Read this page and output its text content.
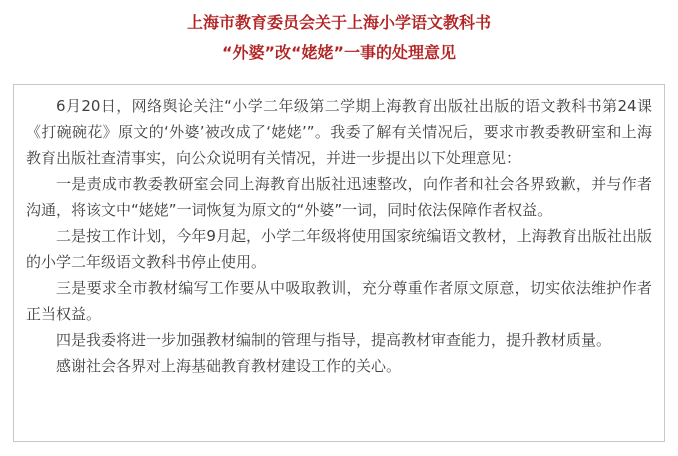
上海市教育委员会关于上海小学语文教科书
“外婆”改“姥姥”一事的处理意见

6月20日，网络舆论关注“小学二年级第二学期上海教育出版社出版的语文教科书第24课《打碗碗花》原文的‘外婆’被改成了‘姥姥’”。我委了解有关情况后，要求市教委教研室和上海教育出版社查清事实，向公众说明有关情况，并进一步提出以下处理意见：

一是责成市教委教研室会同上海教育出版社迅速整改，向作者和社会各界致歉，并与作者沟通，将该文中“姥姥”一词恢复为原文的“外婆”一词，同时依法保障作者权益。

二是按工作计划，今年9月起，小学二年级将使用国家统编语文教材，上海教育出版社出版的小学二年级语文教科书停止使用。

三是要求全市教材编写工作要从中吸取教训，充分尊重作者原文原意，切实依法维护作者正当权益。

四是我委将进一步加强教材编制的管理与指导，提高教材审查能力，提升教材质量。

感谢社会各界对上海基础教育教材建设工作的关心。
